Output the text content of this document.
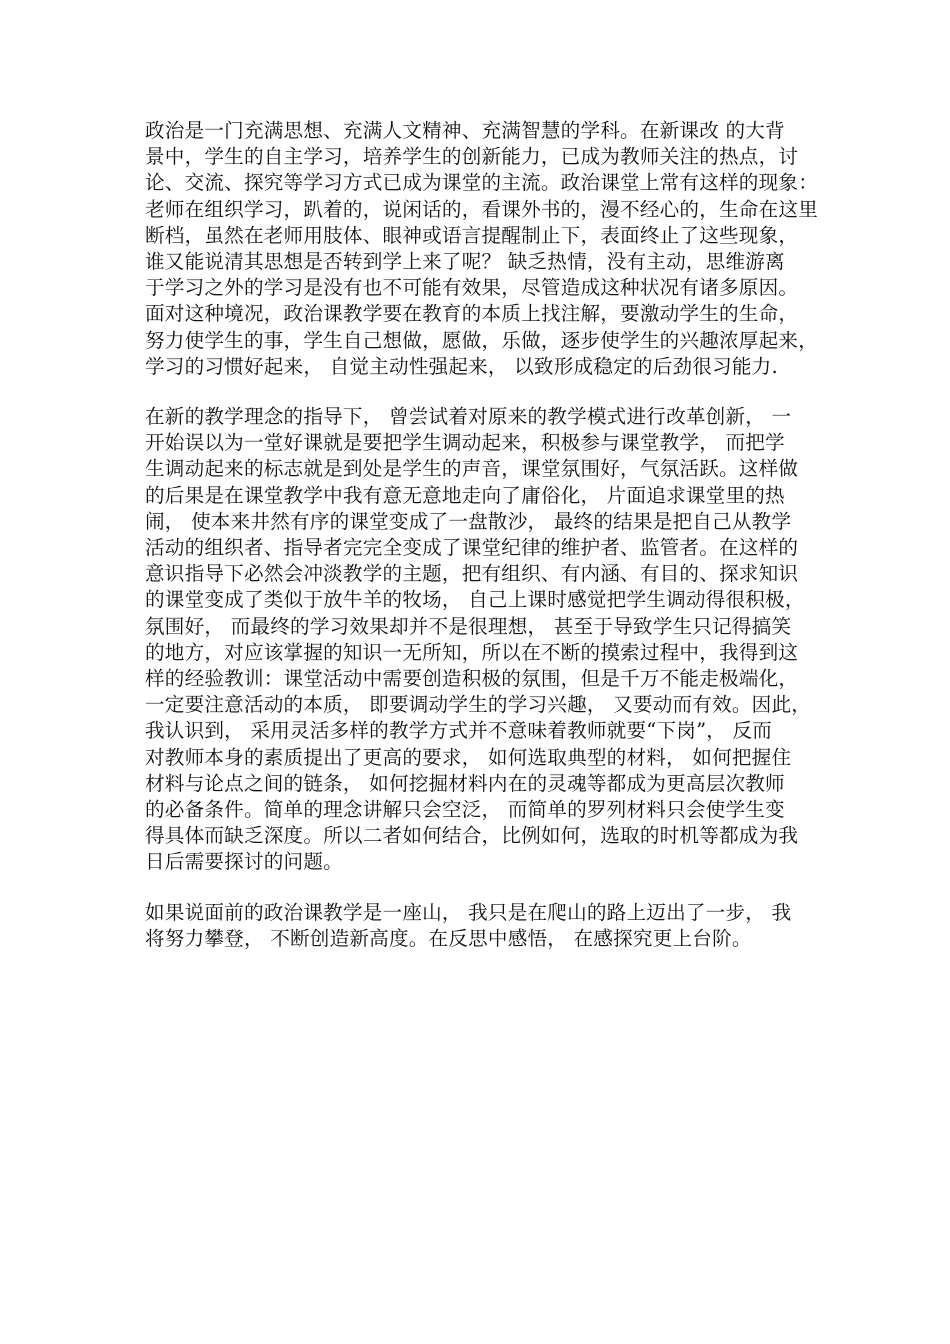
政治是一门充满思想、充满人文精神、充满智慧的学科。在新课改 的大背
景中，学生的自主学习，培养学生的创新能力，已成为教师关注的热点，讨
论、交流、探究等学习方式已成为课堂的主流。政治课堂上常有这样的现象：
老师在组织学习，趴着的，说闲话的，看课外书的，漫不经心的，生命在这里
断档，虽然在老师用肢体、眼神或语言提醒制止下，表面终止了这些现象，
谁又能说清其思想是否转到学上来了呢？ 缺乏热情，没有主动，思维游离
于学习之外的学习是没有也不可能有效果，尽管造成这种状况有诸多原因。
面对这种境况，政治课教学要在教育的本质上找注解，要激动学生的生命，
努力使学生的事，学生自己想做，愿做，乐做，逐步使学生的兴趣浓厚起来，
学习的习惯好起来， 自觉主动性强起来， 以致形成稳定的后劲很习能力.

在新的教学理念的指导下， 曾尝试着对原来的教学模式进行改革创新， 一
开始误以为一堂好课就是要把学生调动起来，积极参与课堂教学， 而把学
生调动起来的标志就是到处是学生的声音，课堂氛围好，气氛活跃。这样做
的后果是在课堂教学中我有意无意地走向了庸俗化， 片面追求课堂里的热
闹， 使本来井然有序的课堂变成了一盘散沙， 最终的结果是把自己从教学
活动的组织者、指导者完完全变成了课堂纪律的维护者、监管者。在这样的
意识指导下必然会冲淡教学的主题，把有组织、有内涵、有目的、探求知识
的课堂变成了类似于放牛羊的牧场， 自己上课时感觉把学生调动得很积极，
氛围好， 而最终的学习效果却并不是很理想， 甚至于导致学生只记得搞笑
的地方，对应该掌握的知识一无所知，所以在不断的摸索过程中，我得到这
样的经验教训：课堂活动中需要创造积极的氛围，但是千万不能走极端化，
一定要注意活动的本质， 即要调动学生的学习兴趣， 又要动而有效。因此，
我认识到， 采用灵活多样的教学方式并不意味着教师就要“下岗”， 反而
对教师本身的素质提出了更高的要求， 如何选取典型的材料， 如何把握住
材料与论点之间的链条， 如何挖掘材料内在的灵魂等都成为更高层次教师
的必备条件。简单的理念讲解只会空泛， 而简单的罗列材料只会使学生变
得具体而缺乏深度。所以二者如何结合，比例如何，选取的时机等都成为我
日后需要探讨的问题。

如果说面前的政治课教学是一座山， 我只是在爬山的路上迈出了一步， 我
将努力攀登， 不断创造新高度。在反思中感悟， 在感探究更上台阶。
